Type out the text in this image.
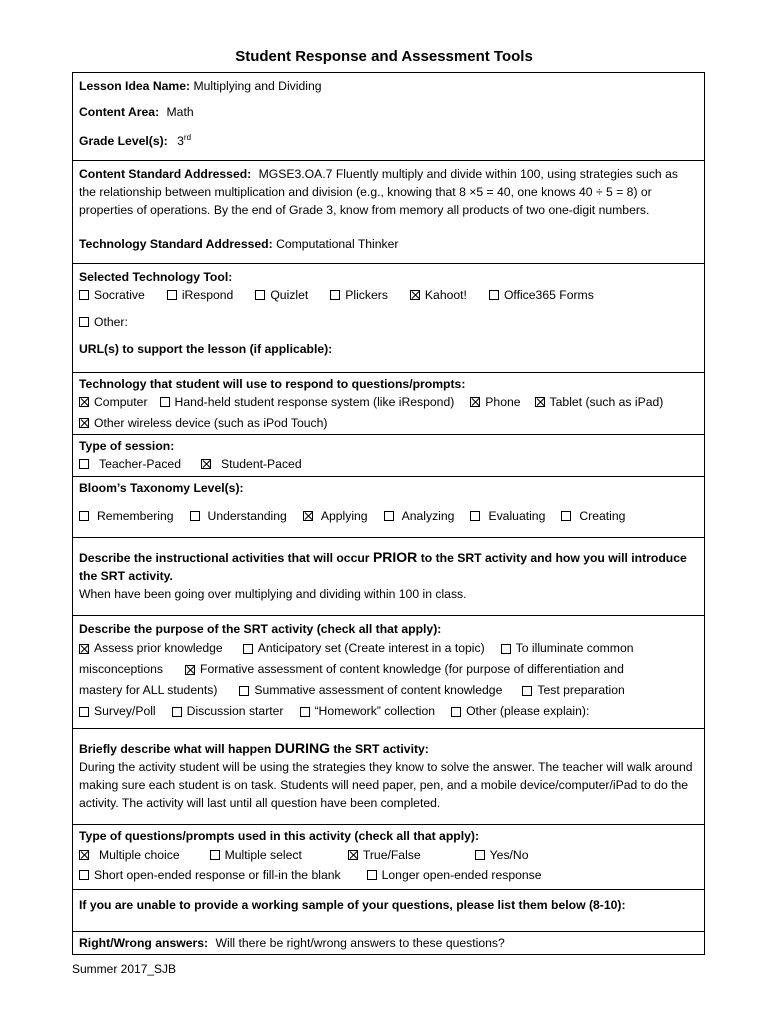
Student Response and Assessment Tools
Lesson Idea Name: Multiplying and Dividing
Content Area: Math
Grade Level(s): 3rd
Content Standard Addressed: MGSE3.OA.7 Fluently multiply and divide within 100, using strategies such as the relationship between multiplication and division (e.g., knowing that 8 ×5 = 40, one knows 40 ÷ 5 = 8) or properties of operations. By the end of Grade 3, know from memory all products of two one-digit numbers.
Technology Standard Addressed: Computational Thinker
Selected Technology Tool:
Socrative	iRespond	Quizlet	Plickers	Kahoot!	Office365 Forms
Other:
URL(s) to support the lesson (if applicable):
Technology that student will use to respond to questions/prompts:
Computer Hand-held student response system (like iRespond)	Phone Tablet (such as iPad)
Other wireless device (such as iPod Touch)
Type of session:
Teacher-Paced	Student-Paced
Bloom’s Taxonomy Level(s):
Remembering	Understanding	Applying	Analyzing	Evaluating	Creating
Describe the instructional activities that will occur PRIOR to the SRT activity and how you will introduce the SRT activity.
When have been going over multiplying and dividing within 100 in class.
Describe the purpose of the SRT activity (check all that apply):
Assess prior knowledge	Anticipatory set (Create interest in a topic)	To illuminate common
misconceptions	Formative assessment of content knowledge (for purpose of differentiation and
mastery for ALL students)	Summative assessment of content knowledge	Test preparation
Survey/Poll	Discussion starter	“Homework” collection	Other (please explain):
Briefly describe what will happen DURING the SRT activity:
During the activity student will be using the strategies they know to solve the answer. The teacher will walk around making sure each student is on task. Students will need paper, pen, and a mobile device/computer/iPad to do the activity. The activity will last until all question have been completed.
Type of questions/prompts used in this activity (check all that apply):
Multiple choice	Multiple select	True/False	Yes/No
Short open-ended response or fill-in the blank	Longer open-ended response
If you are unable to provide a working sample of your questions, please list them below (8-10):
Right/Wrong answers: Will there be right/wrong answers to these questions?
Summer 2017_SJB
